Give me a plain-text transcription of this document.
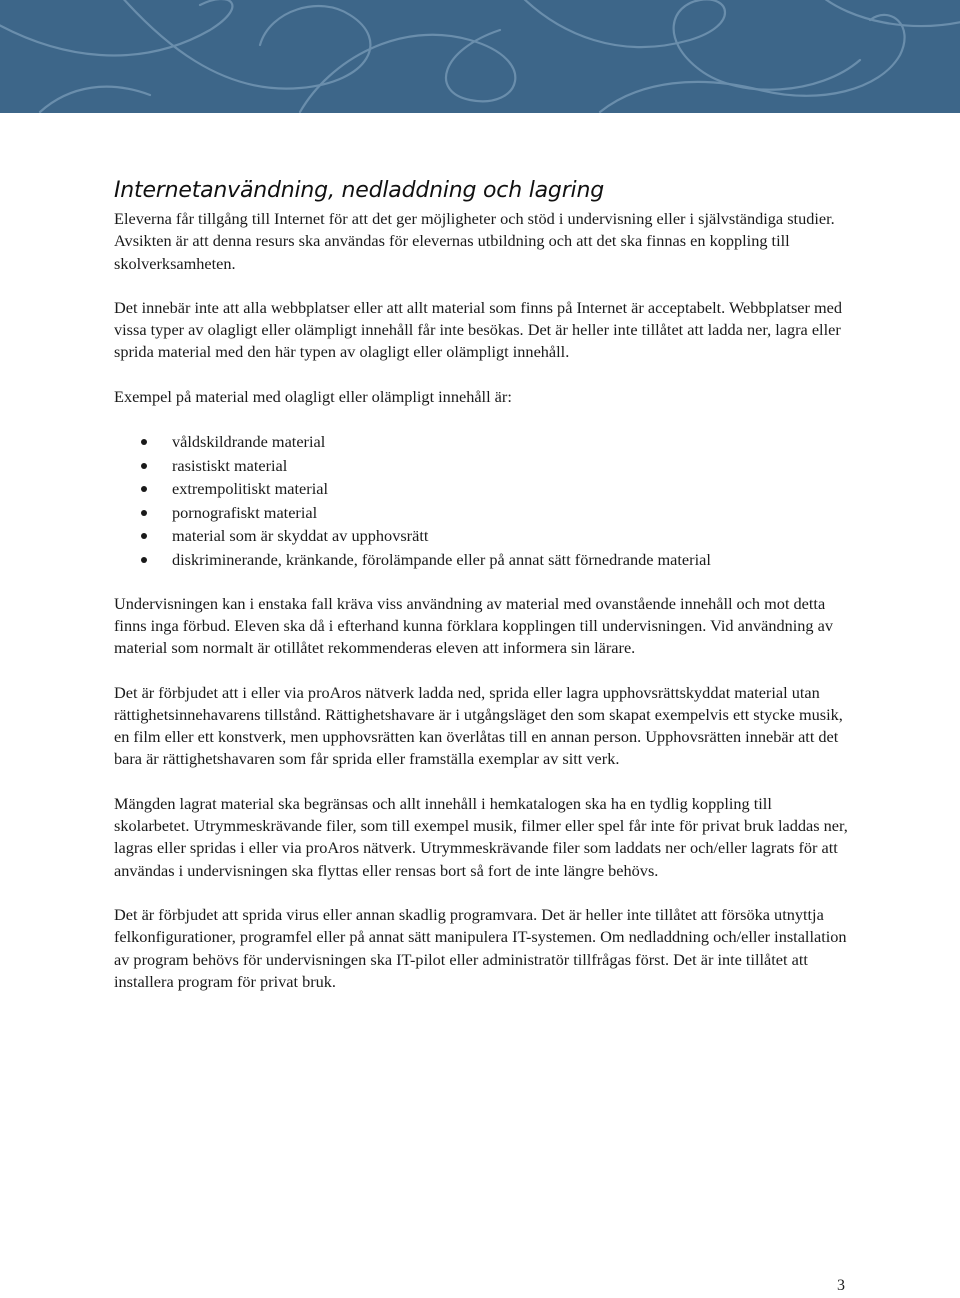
Internetanvändning, nedladdning och lagring

Eleverna får tillgång till Internet för att det ger möjligheter och stöd i undervisning eller i självständiga studier. Avsikten är att denna resurs ska användas för elevernas utbildning och att det ska finnas en koppling till skolverksamheten.

Det innebär inte att alla webbplatser eller att allt material som finns på Internet är acceptabelt. Webbplatser med vissa typer av olagligt eller olämpligt innehåll får inte besökas. Det är heller inte tillåtet att ladda ner, lagra eller sprida material med den här typen av olagligt eller olämpligt innehåll.

Exempel på material med olagligt eller olämpligt innehåll är:

våldskildrande material
rasistiskt material
extrempolitiskt material
pornografiskt material
material som är skyddat av upphovsrätt
diskriminerande, kränkande, förolämpande eller på annat sätt förnedrande material

Undervisningen kan i enstaka fall kräva viss användning av material med ovanstående innehåll och mot detta finns inga förbud. Eleven ska då i efterhand kunna förklara kopplingen till undervisningen. Vid användning av material som normalt är otillåtet rekommenderas eleven att informera sin lärare.

Det är förbjudet att i eller via proAros nätverk ladda ned, sprida eller lagra upphovsrättskyddat material utan rättighetsinnehavarens tillstånd. Rättighetshavare är i utgångsläget den som skapat exempelvis ett stycke musik, en film eller ett konstverk, men upphovsrätten kan överlåtas till en annan person. Upphovsrätten innebär att det bara är rättighetshavaren som får sprida eller framställa exemplar av sitt verk.

Mängden lagrat material ska begränsas och allt innehåll i hemkatalogen ska ha en tydlig koppling till skolarbetet. Utrymmeskrävande filer, som till exempel musik, filmer eller spel får inte för privat bruk laddas ner, lagras eller spridas i eller via proAros nätverk. Utrymmeskrävande filer som laddats ner och/eller lagrats för att användas i undervisningen ska flyttas eller rensas bort så fort de inte längre behövs.

Det är förbjudet att sprida virus eller annan skadlig programvara. Det är heller inte tillåtet att försöka utnyttja felkonfigurationer, programfel eller på annat sätt manipulera IT-systemen. Om nedladdning och/eller installation av program behövs för undervisningen ska IT-pilot eller administratör tillfrågas först. Det är inte tillåtet att installera program för privat bruk.

3
